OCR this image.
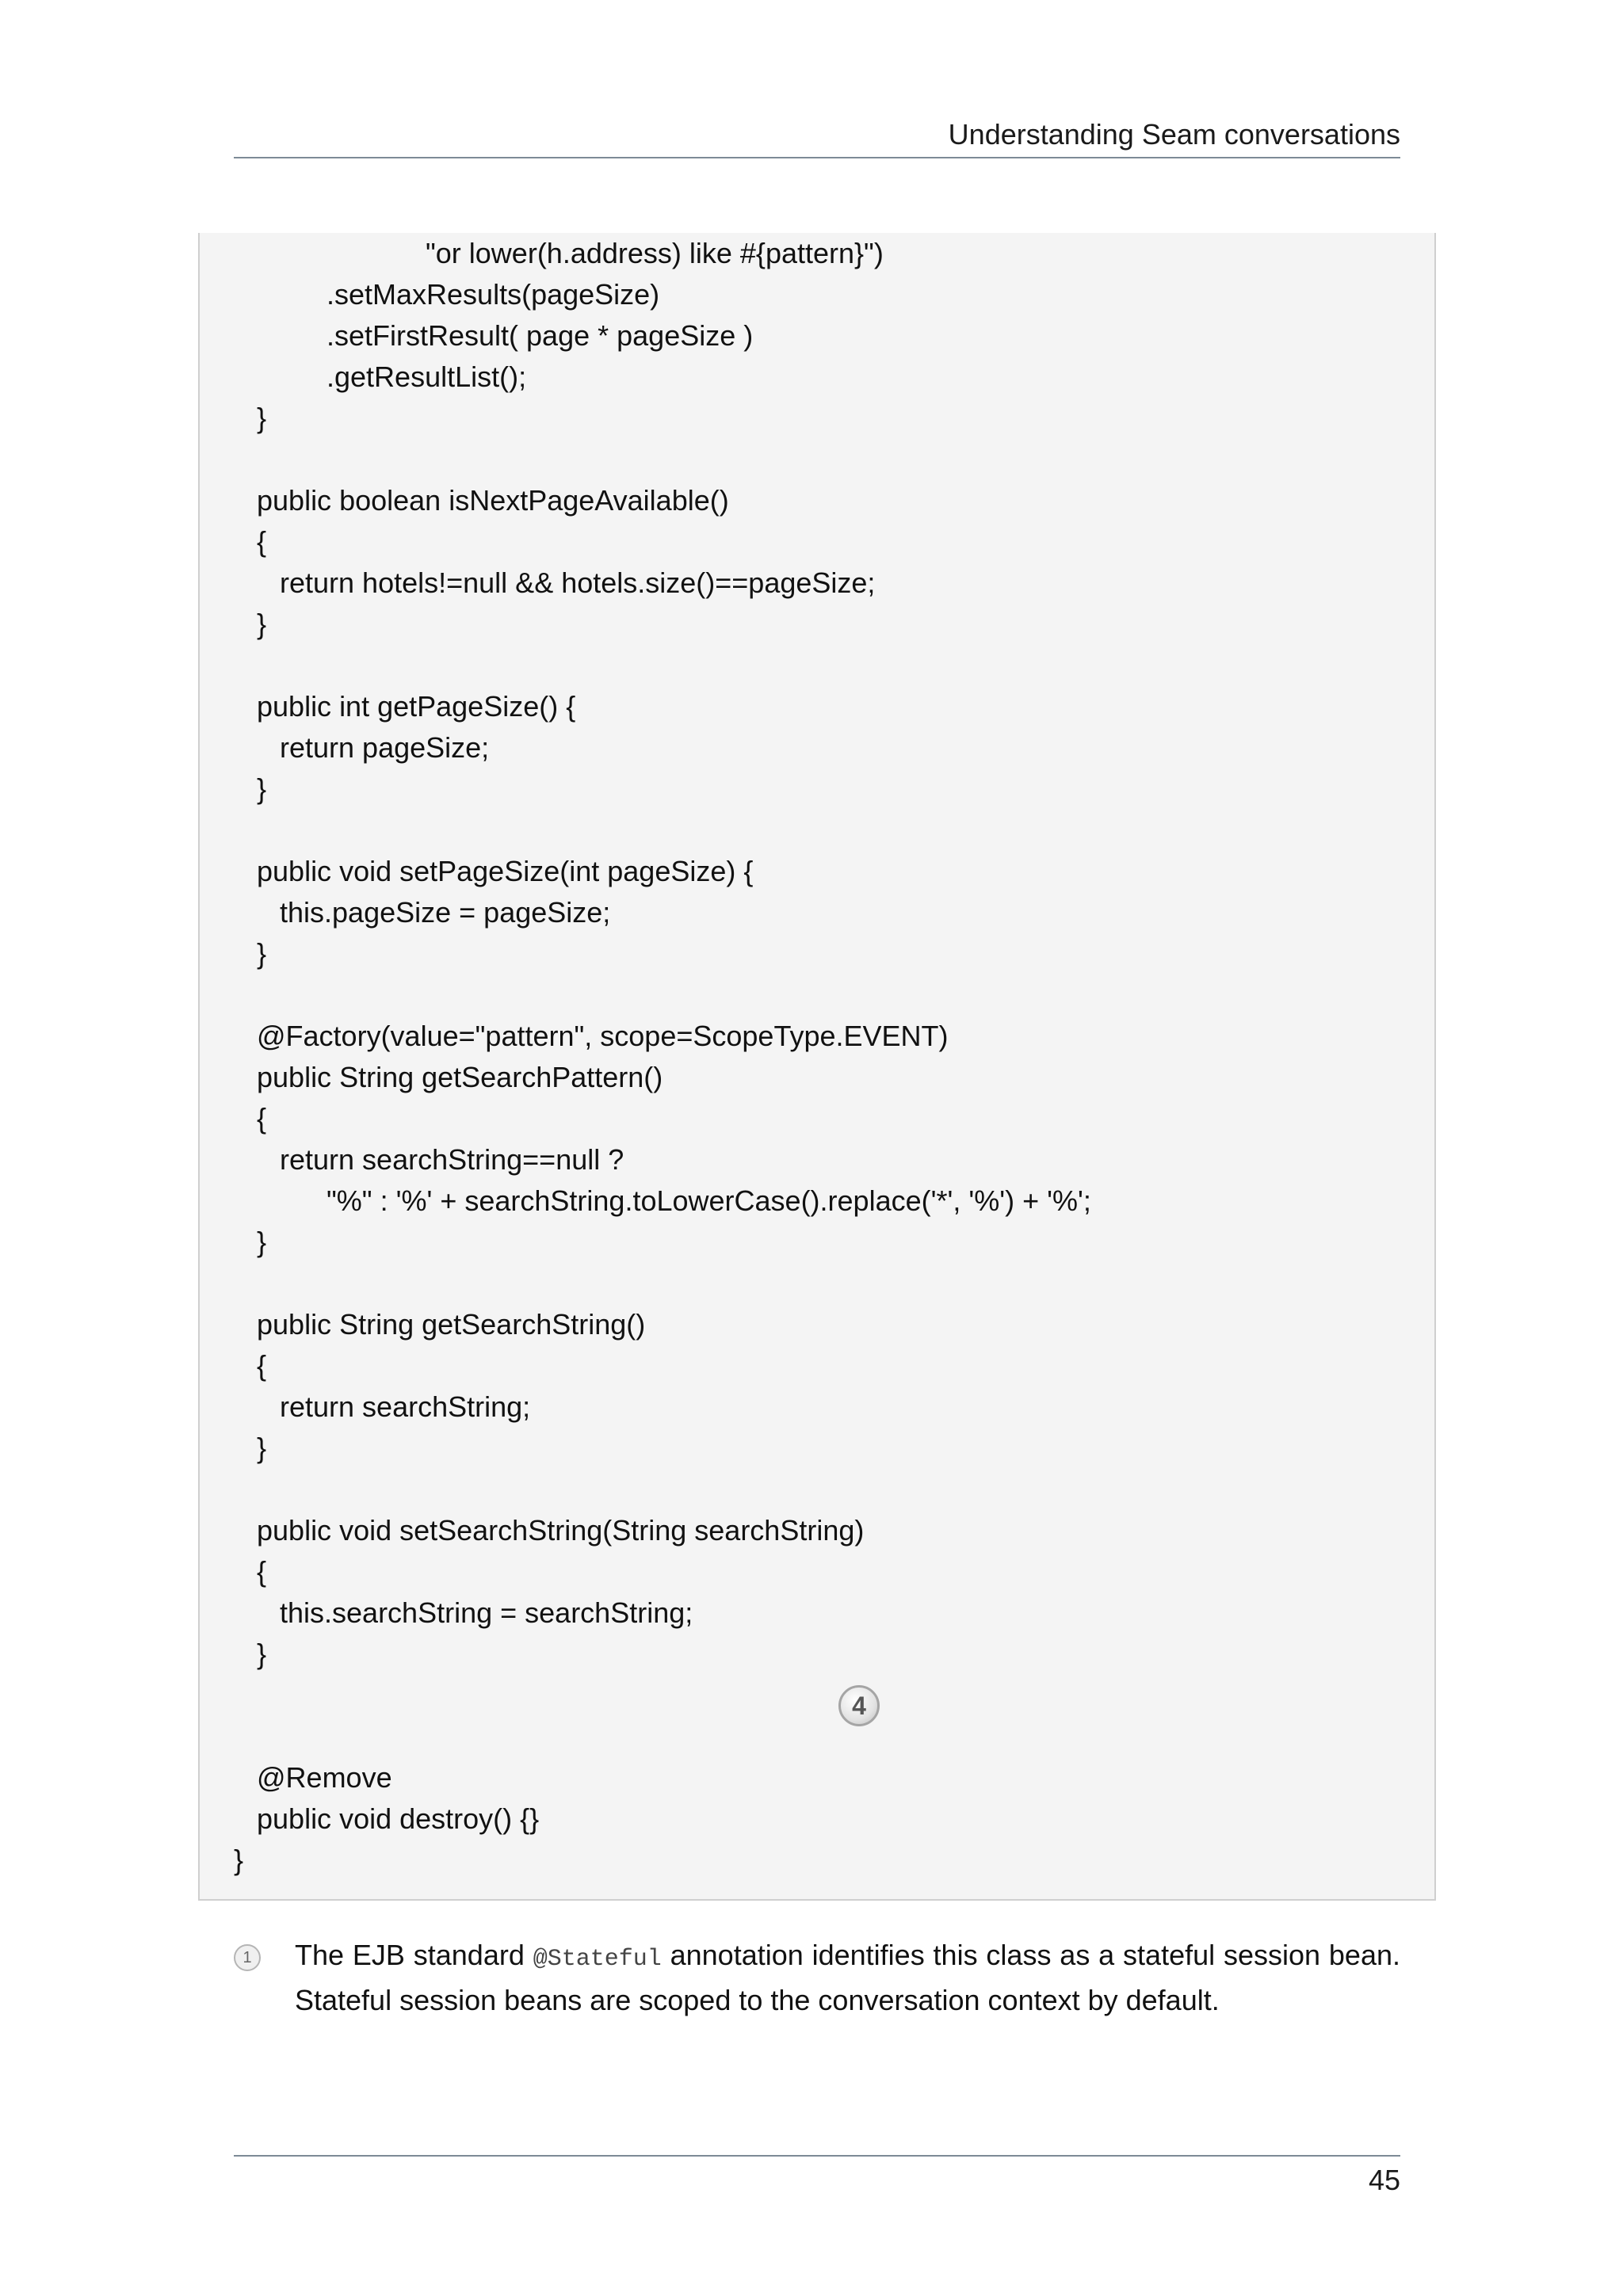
Understanding Seam conversations
"or lower(h.address) like #{pattern}")
.setMaxResults(pageSize)
.setFirstResult( page * pageSize )
.getResultList();
}
public boolean isNextPageAvailable()
{
return hotels!=null && hotels.size()==pageSize;
}
public int getPageSize() {
return pageSize;
}
public void setPageSize(int pageSize) {
this.pageSize = pageSize;
}
@Factory(value="pattern", scope=ScopeType.EVENT)
public String getSearchPattern()
{
return searchString==null ?
"%" : '%' + searchString.toLowerCase().replace('*', '%') + '%';
}
public String getSearchString()
{
return searchString;
}
public void setSearchString(String searchString)
{
this.searchString = searchString;
}
@Remove
public void destroy() {}
}
4
1	The EJB standard @Stateful annotation identifies this class as a stateful session bean. Stateful session beans are scoped to the conversation context by default.
45
